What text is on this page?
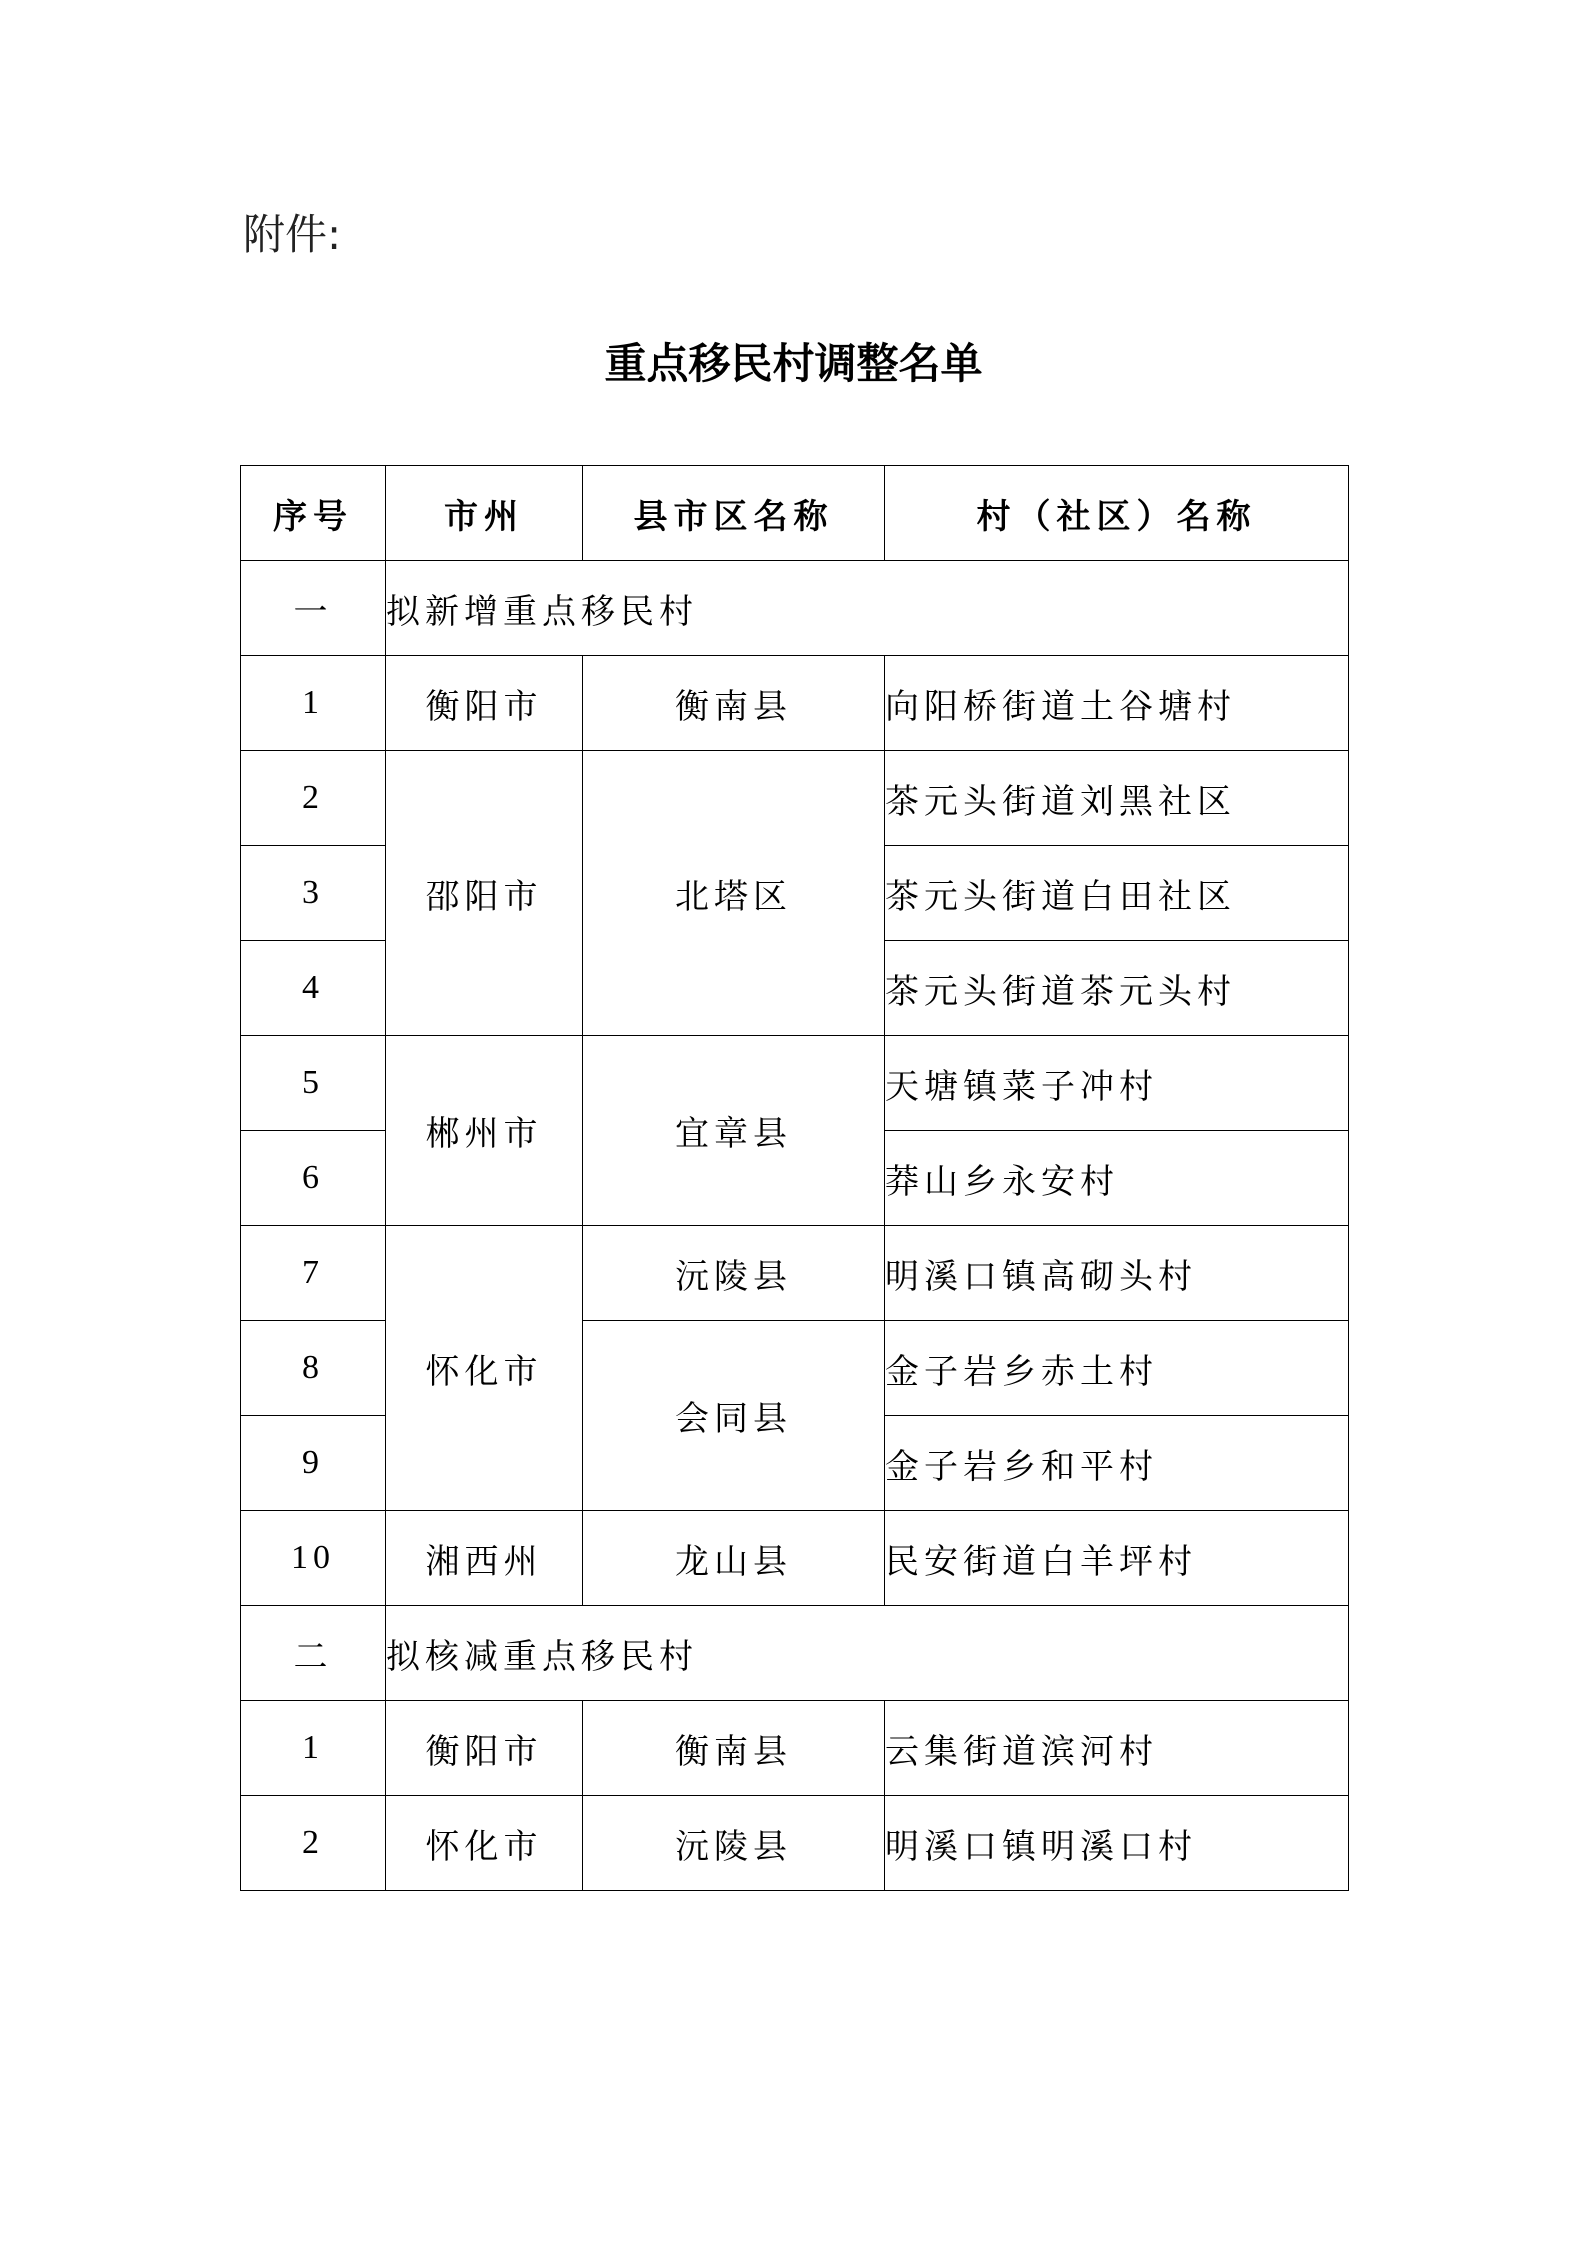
附件:
重点移民村调整名单
序号	市州	县市区名称	村（社区）名称
一	拟新增重点移民村		
1	衡阳市	衡南县	向阳桥街道土谷塘村
2	邵阳市	北塔区	茶元头街道刘黑社区
3			茶元头街道白田社区
4			茶元头街道茶元头村
5	郴州市	宜章县	天塘镇菜子冲村
6			莽山乡永安村
7	怀化市	沅陵县	明溪口镇高砌头村
8		会同县	金子岩乡赤土村
9			金子岩乡和平村
10	湘西州	龙山县	民安街道白羊坪村
二	拟核减重点移民村		
1	衡阳市	衡南县	云集街道滨河村
2	怀化市	沅陵县	明溪口镇明溪口村
